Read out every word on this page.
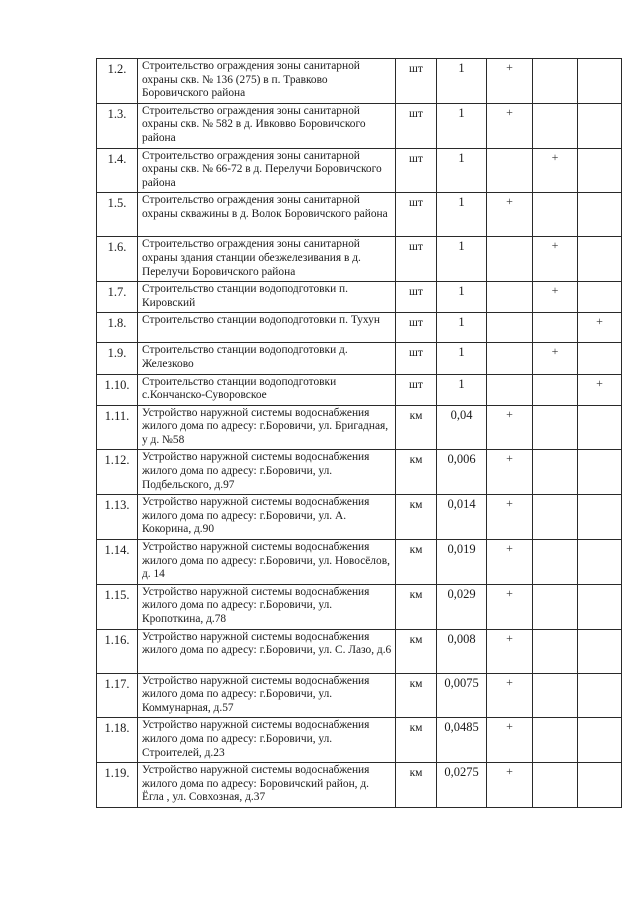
1.2.	Строительство ограждения зоны санитарной охраны скв. № 136 (275) в п. Травково Боровичского района	шт	1	+		
1.3.	Строительство ограждения зоны санитарной охраны скв. № 582 в д. Ивковво Боровичского района	шт	1	+		
1.4.	Строительство ограждения зоны санитарной охраны скв. № 66-72 в д. Перелучи Боровичского района	шт	1		+	
1.5.	Строительство ограждения зоны санитарной охраны скважины в д. Волок Боровичского района	шт	1	+		
1.6.	Строительство ограждения зоны санитарной охраны здания станции обезжелезивания в д. Перелучи Боровичского района	шт	1		+	
1.7.	Строительство станции водоподготовки п. Кировский	шт	1		+	
1.8.	Строительство станции водоподготовки п. Тухун	шт	1			+
1.9.	Строительство станции водоподготовки д. Железково	шт	1		+	
1.10.	Строительство станции водоподготовки с.Кончанско-Суворовское	шт	1			+
1.11.	Устройство наружной системы водоснабжения жилого дома по адресу: г.Боровичи, ул. Бригадная, у д. №58	км	0,04	+		
1.12.	Устройство наружной системы водоснабжения жилого дома по адресу: г.Боровичи, ул. Подбельского, д.97	км	0,006	+		
1.13.	Устройство наружной системы водоснабжения жилого дома по адресу: г.Боровичи, ул. А. Кокорина, д.90	км	0,014	+		
1.14.	Устройство наружной системы водоснабжения жилого дома по адресу: г.Боровичи, ул. Новосёлов, д. 14	км	0,019	+		
1.15.	Устройство наружной системы водоснабжения жилого дома по адресу: г.Боровичи, ул. Кропоткина, д.78	км	0,029	+		
1.16.	Устройство наружной системы водоснабжения жилого дома по адресу: г.Боровичи, ул. С. Лазо, д.6	км	0,008	+		
1.17.	Устройство наружной системы водоснабжения жилого дома по адресу: г.Боровичи, ул. Коммунарная, д.57	км	0,0075	+		
1.18.	Устройство наружной системы водоснабжения жилого дома по адресу: г.Боровичи, ул. Строителей, д.23	км	0,0485	+		
1.19.	Устройство наружной системы водоснабжения жилого дома по адресу: Боровичский район, д. Ёгла , ул. Совхозная, д.37	км	0,0275	+		
